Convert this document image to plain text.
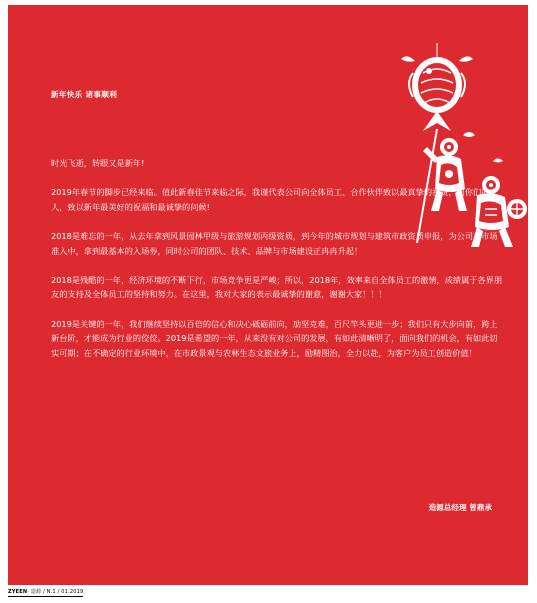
新年快乐 诸事顺利

时光飞逝，转眼又是新年!

2019年春节的脚步已经来临。值此新春佳节来临之际，我谨代表公司向全体员工、合作伙伴致以最真挚的祝贺，向你们的家人，致以新年最美好的祝福和最诚挚的问候!

2018是难忘的一年，从去年拿到风景园林甲级与旅游规划丙级资质，到今年的城市规划与建筑市政资质申报，为公司在市场准入中，拿到最基本的入场券，同时公司的团队、技术、品牌与市场建设正冉冉升起！

2018是残酷的一年，经济环境的不断下行，市场竞争更是严峻；所以，2018年，效率来自全体员工的激情，成绩属于各界朋友的支持及全体员工的坚持和努力。在这里，我对大家的表示最诚挚的谢意，谢谢大家！！！

2019是关键的一年，我们继续坚持以百倍的信心和决心砥砺前向，劢坚克难，百尺竿头更进一步；我们只有大步向前，跨上新台阶，才能成为行业的佼佼。2019是希望的一年，从来没有对公司的发展，有如此清晰明了，面向我们的机会，有如此切实可期；在不确定的行业环境中，在市政景观与农林生态文旅业务上，励精图治，全力以赴，为客户为员工创造价值！

造源总经理 曾鼎承
ZYEEN· 造源 / N.1 / 01.2019
